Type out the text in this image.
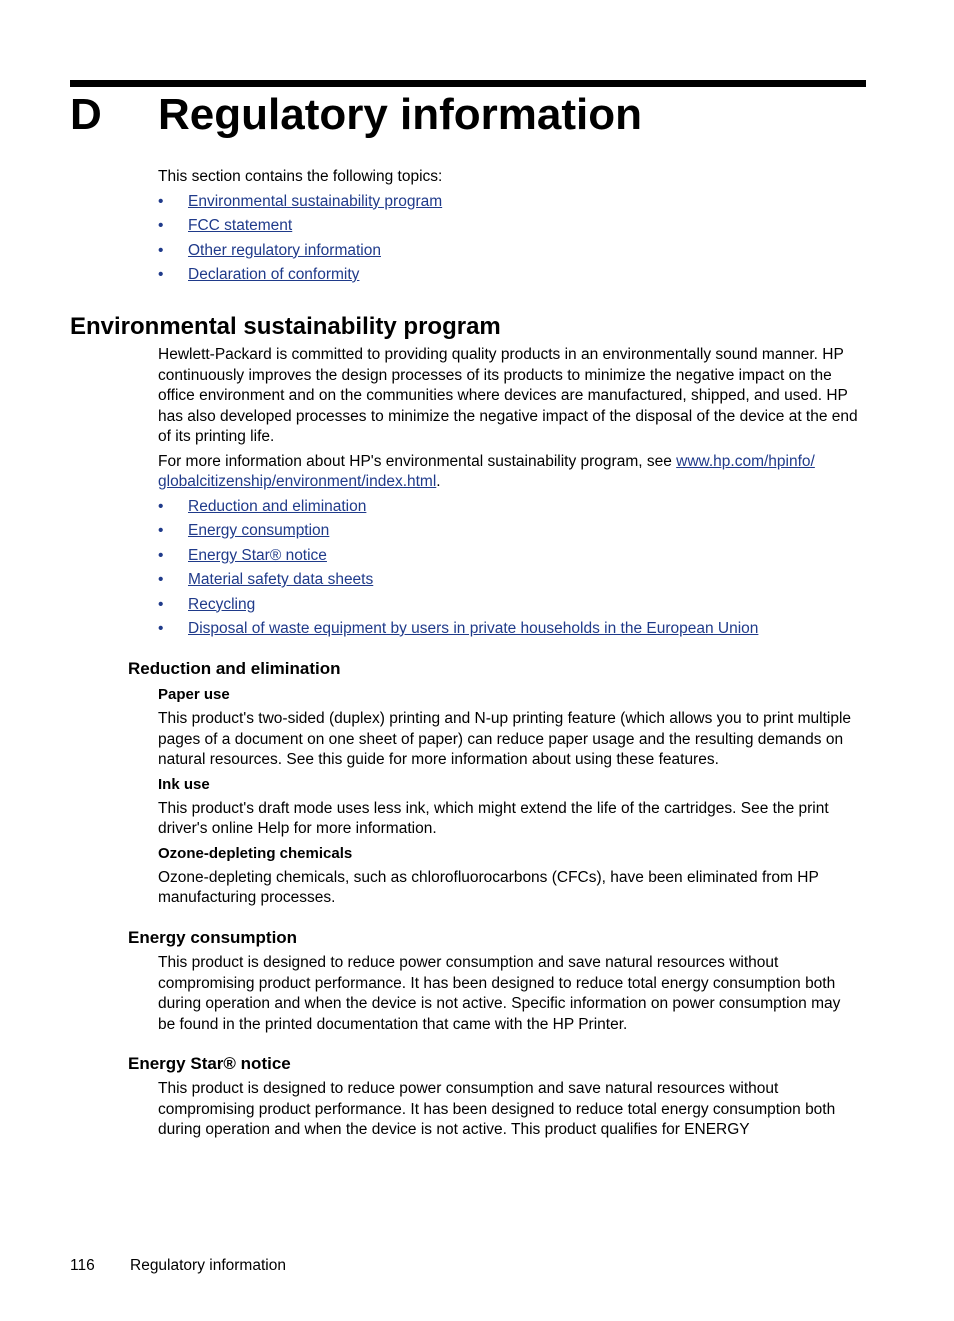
D Regulatory information

This section contains the following topics:

• Environmental sustainability program
• FCC statement
• Other regulatory information
• Declaration of conformity
Environmental sustainability program

Hewlett-Packard is committed to providing quality products in an environmentally sound manner. HP continuously improves the design processes of its products to minimize the negative impact on the office environment and on the communities where devices are manufactured, shipped, and used. HP has also developed processes to minimize the negative impact of the disposal of the device at the end of its printing life.

For more information about HP's environmental sustainability program, see www.hp.com/hpinfo/
globalcitizenship/environment/index.html.

• Reduction and elimination
• Energy consumption
• Energy Star® notice
• Material safety data sheets
• Recycling
• Disposal of waste equipment by users in private households in the European Union
Reduction and elimination
Paper use

This product's two-sided (duplex) printing and N-up printing feature (which allows you to print multiple pages of a document on one sheet of paper) can reduce paper usage and the resulting demands on natural resources. See this guide for more information about using these features.

Ink use

This product's draft mode uses less ink, which might extend the life of the cartridges. See the print driver's online Help for more information.

Ozone-depleting chemicals

Ozone-depleting chemicals, such as chlorofluorocarbons (CFCs), have been eliminated from HP manufacturing processes.

Energy consumption

This product is designed to reduce power consumption and save natural resources without compromising product performance. It has been designed to reduce total energy consumption both during operation and when the device is not active. Specific information on power consumption may be found in the printed documentation that came with the HP Printer.

Energy Star® notice

This product is designed to reduce power consumption and save natural resources without compromising product performance. It has been designed to reduce total energy consumption both during operation and when the device is not active. This product qualifies for ENERGY

116 Regulatory information
